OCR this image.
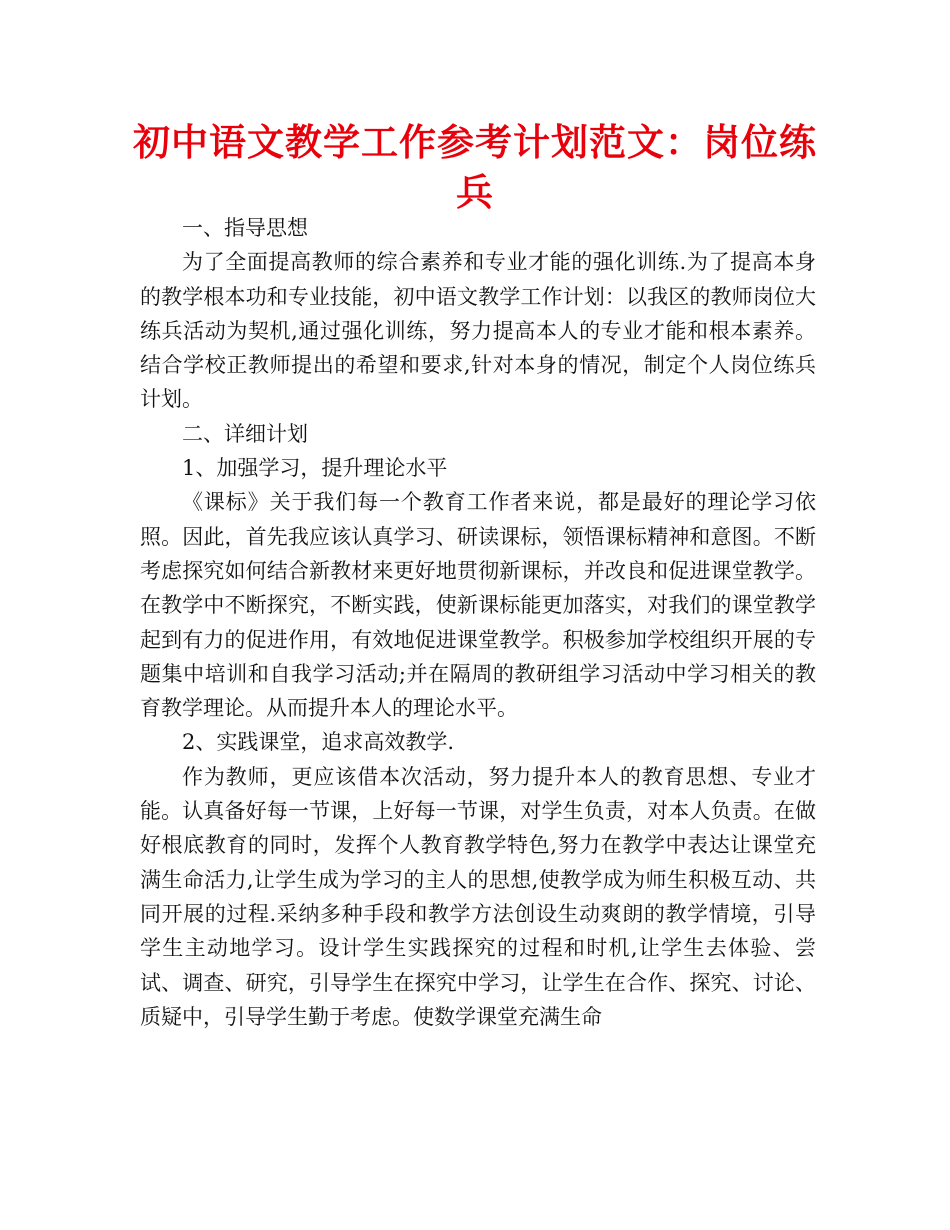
初中语文教学工作参考计划范文：岗位练兵

一、指导思想

为了全面提高教师的综合素养和专业才能的强化训练.为了提高本身的教学根本功和专业技能，初中语文教学工作计划：以我区的教师岗位大练兵活动为契机,通过强化训练，努力提高本人的专业才能和根本素养。结合学校正教师提出的希望和要求,针对本身的情况，制定个人岗位练兵计划。

二、详细计划

1、加强学习，提升理论水平

《课标》关于我们每一个教育工作者来说，都是最好的理论学习依照。因此，首先我应该认真学习、研读课标，领悟课标精神和意图。不断考虑探究如何结合新教材来更好地贯彻新课标，并改良和促进课堂教学。在教学中不断探究，不断实践，使新课标能更加落实，对我们的课堂教学起到有力的促进作用，有效地促进课堂教学。积极参加学校组织开展的专题集中培训和自我学习活动;并在隔周的教研组学习活动中学习相关的教育教学理论。从而提升本人的理论水平。

2、实践课堂，追求高效教学.

作为教师，更应该借本次活动，努力提升本人的教育思想、专业才能。认真备好每一节课，上好每一节课，对学生负责，对本人负责。在做好根底教育的同时，发挥个人教育教学特色,努力在教学中表达让课堂充满生命活力,让学生成为学习的主人的思想,使教学成为师生积极互动、共同开展的过程.采纳多种手段和教学方法创设生动爽朗的教学情境，引导学生主动地学习。设计学生实践探究的过程和时机,让学生去体验、尝试、调查、研究，引导学生在探究中学习，让学生在合作、探究、讨论、质疑中，引导学生勤于考虑。使数学课堂充满生命
